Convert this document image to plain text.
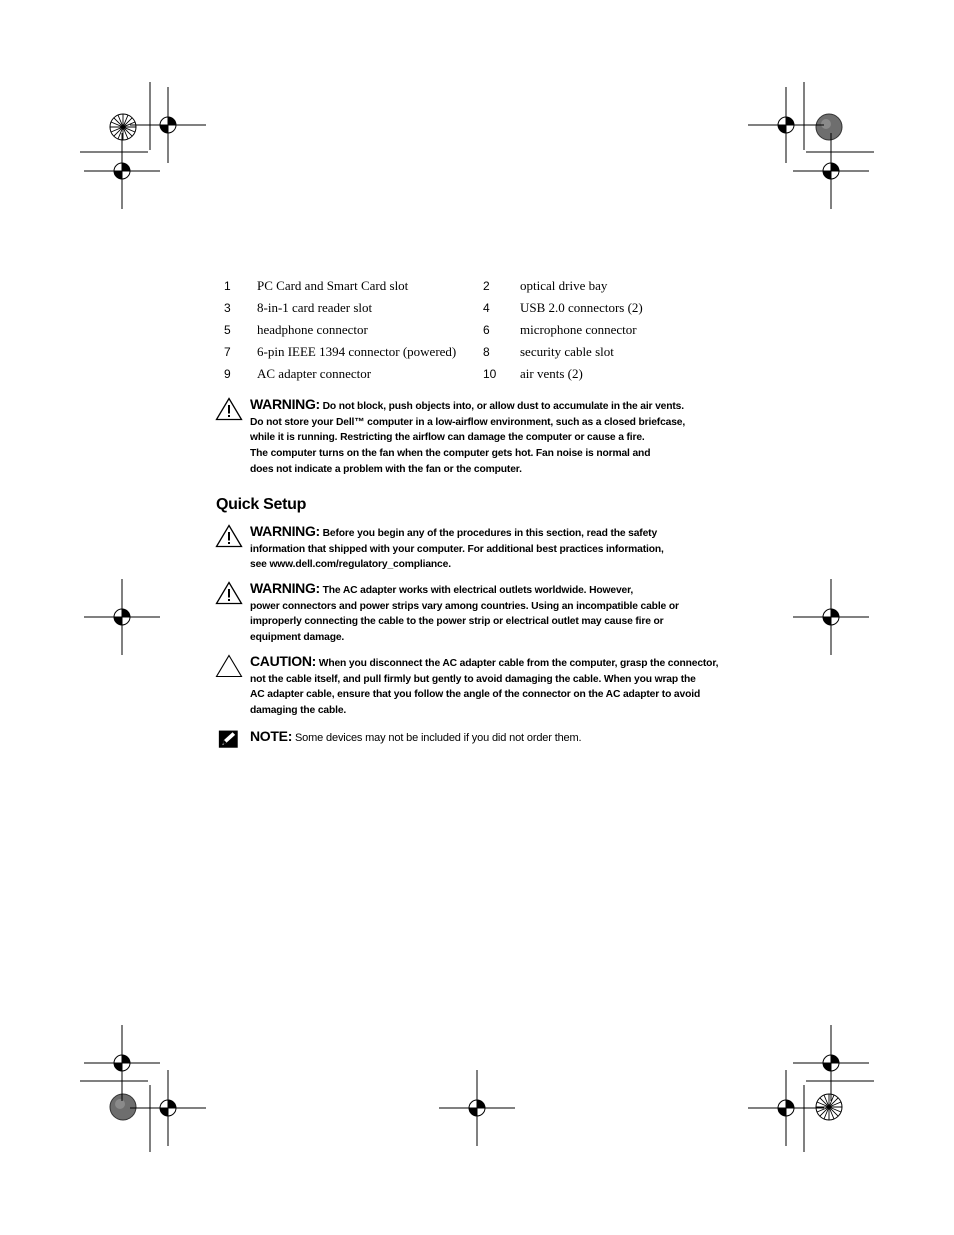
1 PC Card and Smart Card slot	2 optical drive bay
3 8-in-1 card reader slot	4 USB 2.0 connectors (2)
5 headphone connector	6 microphone connector
7 6-pin IEEE 1394 connector (powered) 8 security cable slot
9 AC adapter connector	10 air vents (2)
WARNING: Do not block, push objects into, or allow dust to accumulate in the air vents.
Do not store your Dell™ computer in a low-airflow environment, such as a closed briefcase,
while it is running. Restricting the airflow can damage the computer or cause a fire.
The computer turns on the fan when the computer gets hot. Fan noise is normal and
does not indicate a problem with the fan or the computer.
Quick Setup
WARNING: Before you begin any of the procedures in this section, read the safety
information that shipped with your computer. For additional best practices information,
see www.dell.com/regulatory_compliance.
WARNING: The AC adapter works with electrical outlets worldwide. However,
power connectors and power strips vary among countries. Using an incompatible cable or
improperly connecting the cable to the power strip or electrical outlet may cause fire or
equipment damage.
CAUTION: When you disconnect the AC adapter cable from the computer, grasp the connector,
not the cable itself, and pull firmly but gently to avoid damaging the cable. When you wrap the
AC adapter cable, ensure that you follow the angle of the connector on the AC adapter to avoid
damaging the cable.
NOTE: Some devices may not be included if you did not order them.
